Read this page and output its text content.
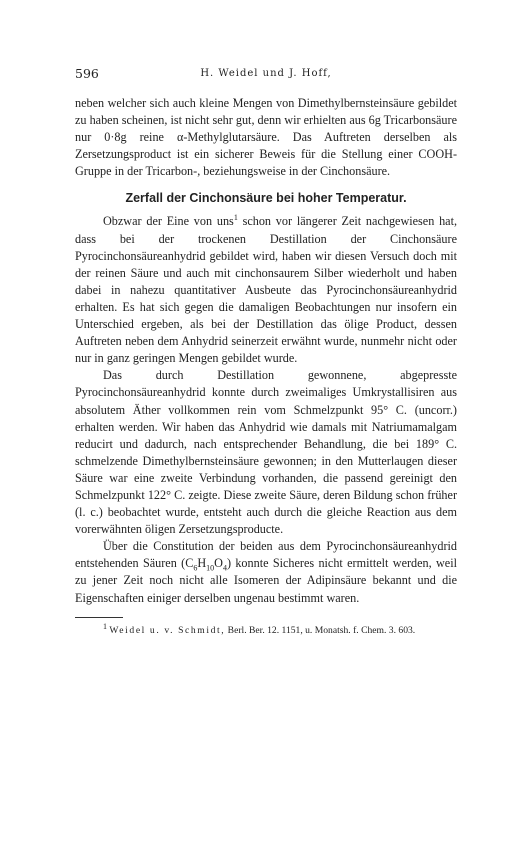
596	H. Weidel und J. Hoff,

neben welcher sich auch kleine Mengen von Dimethylbernsteinsäure gebildet zu haben scheinen, ist nicht sehr gut, denn wir erhielten aus 6g Tricarbonsäure nur 0·8g reine α-Methylglutarsäure. Das Auftreten derselben als Zersetzungsproduct ist ein sicherer Beweis für die Stellung einer COOH-Gruppe in der Tricarbon-, beziehungsweise in der Cinchonsäure.

Zerfall der Cinchonsäure bei hoher Temperatur.

Obzwar der Eine von uns$^1$ schon vor längerer Zeit nachgewiesen hat, dass bei der trockenen Destillation der Cinchonsäure Pyrocinchonsäureanhydrid gebildet wird, haben wir diesen Versuch doch mit der reinen Säure und auch mit cinchonsaurem Silber wiederholt und haben dabei in nahezu quantitativer Ausbeute das Pyrocinchonsäureanhydrid erhalten. Es hat sich gegen die damaligen Beobachtungen nur insofern ein Unterschied ergeben, als bei der Destillation das ölige Product, dessen Auftreten neben dem Anhydrid seinerzeit erwähnt wurde, nunmehr nicht oder nur in ganz geringen Mengen gebildet wurde.

Das durch Destillation gewonnene, abgepresste Pyrocinchonsäureanhydrid konnte durch zweimaliges Umkrystallisiren aus absolutem Äther vollkommen rein vom Schmelzpunkt 95° C. (uncorr.) erhalten werden. Wir haben das Anhydrid wie damals mit Natriumamalgam reducirt und dadurch, nach entsprechender Behandlung, die bei 189° C. schmelzende Dimethylbernsteinsäure gewonnen; in den Mutterlaugen dieser Säure war eine zweite Verbindung vorhanden, die passend gereinigt den Schmelzpunkt 122° C. zeigte. Diese zweite Säure, deren Bildung schon früher (l. c.) beobachtet wurde, entsteht auch durch die gleiche Reaction aus dem vorerwähnten öligen Zersetzungsproducte.

Über die Constitution der beiden aus dem Pyrocinchonsäureanhydrid entstehenden Säuren $(C_6H_{10}O_4)$ konnte Sicheres nicht ermittelt werden, weil zu jener Zeit noch nicht alle Isomeren der Adipinsäure bekannt und die Eigenschaften einiger derselben ungenau bestimmt waren.

$^1$ Weidel u. v. Schmidt, Berl. Ber. 12. 1151, u. Monatsh. f. Chem. 3. 603.
